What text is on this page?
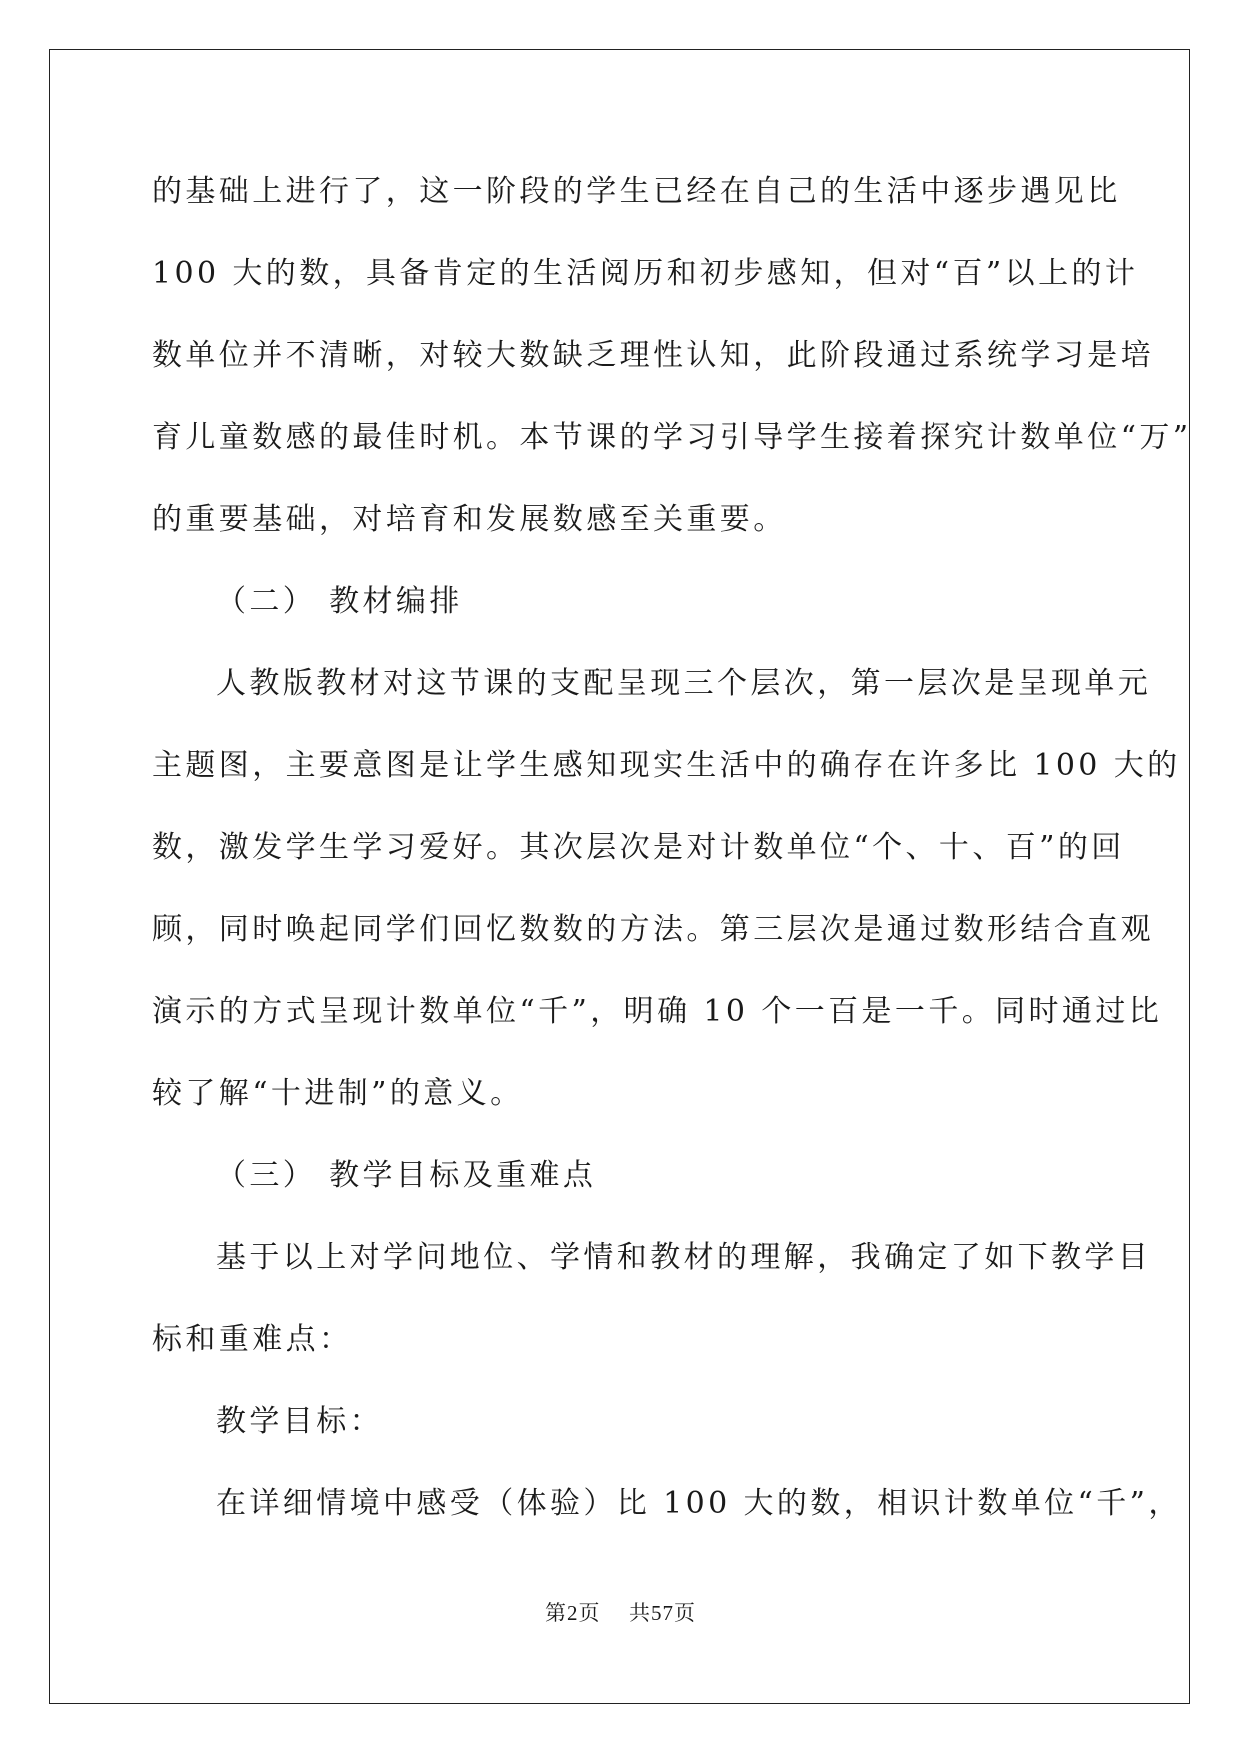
的基础上进行了，这一阶段的学生已经在自己的生活中逐步遇见比
100 大的数，具备肯定的生活阅历和初步感知，但对“百”以上的计
数单位并不清晰，对较大数缺乏理性认知，此阶段通过系统学习是培
育儿童数感的最佳时机。本节课的学习引导学生接着探究计数单位“万”
的重要基础，对培育和发展数感至关重要。
（二） 教材编排
人教版教材对这节课的支配呈现三个层次，第一层次是呈现单元
主题图，主要意图是让学生感知现实生活中的确存在许多比 100 大的
数，激发学生学习爱好。其次层次是对计数单位“个、十、百”的回
顾，同时唤起同学们回忆数数的方法。第三层次是通过数形结合直观
演示的方式呈现计数单位“千”，明确 10 个一百是一千。同时通过比
较了解“十进制”的意义。
（三） 教学目标及重难点
基于以上对学问地位、学情和教材的理解，我确定了如下教学目
标和重难点：
教学目标：
在详细情境中感受（体验）比 100 大的数，相识计数单位“千”，
第2页 共57页
